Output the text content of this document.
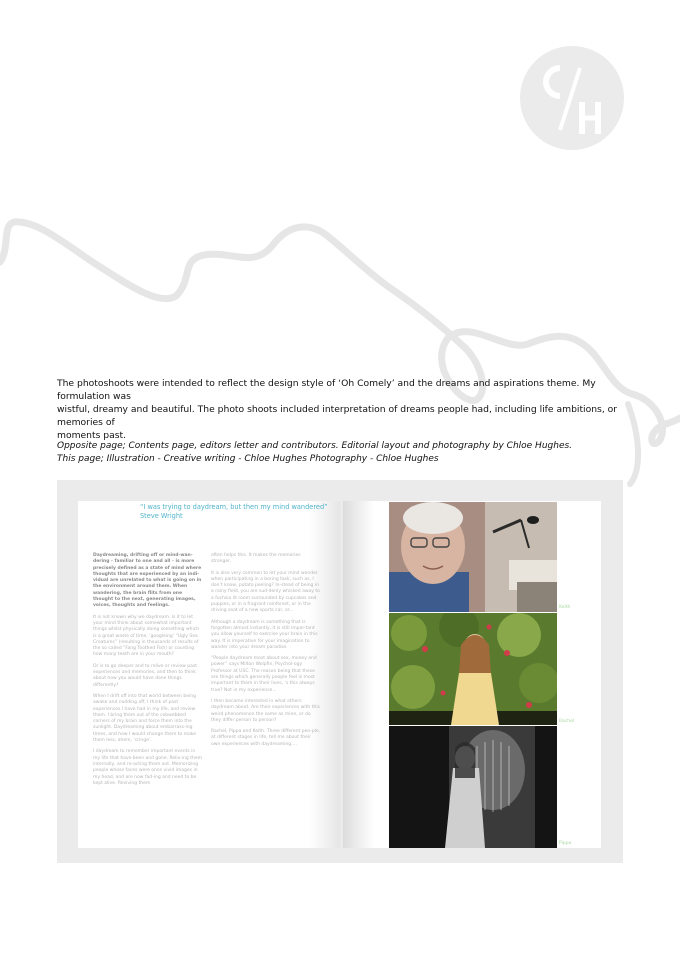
The photoshoots were intended to reflect the design style of ‘Oh Comely’ and the dreams and aspirations theme. My formulation was
wistful, dreamy and beautiful. The photo shoots included interpretation of dreams people had, including life ambitions, or memories of
moments past.
Opposite page; Contents page, editors letter and contributors. Editorial layout and photography by Chloe Hughes.
This page; Illustration - Creative writing - Chloe Hughes Photography - Chloe Hughes
“I was trying to daydream, but then my mind wandered”
Steve Wright

Daydreaming, drifting off or mind-wan-dering - familiar to one and all - is more precisely defined as a state of mind where thoughts that are experienced by an indi-vidual are unrelated to what is going on in the environment around them. When wandering, the brain flits from one thought to the next, generating images, voices, thoughts and feelings.

It is not known why we daydream. Is it to let your mind think about somewhat important things whilst physically doing something which is a great waste of time, ‘googleing’ “Ugly Sea Creatures” (resulting in thousands of results of the so called “Fang Toothed Fish) or counting how many teeth are in your mouth?

Or is to go deeper and to relive or review past experiences and memories, and then to think about how you would have done things differently?

When I drift off into that world between being awake and nodding off, I think of past experiences I have had in my life, and review them. I bring them out of the cobwebbed corners of my brain and force them into the sunlight. Daydreaming about embarrass-ing times, and how I would change them to make them less, ahem, ‘cringe’.

I daydream to remember important events in my life that have been and gone. Reliv-ing them internally, and re-acting them out. Memorizing people whose faces were once vivid images in my head, and are now fad-ing and need to be kept alive. Reviving them

often helps this. It makes the memories stronger.

It is also very common to let your mind wonder when participating in a boring task, such as, I don’t know, potato peeling? In-stead of being in a rainy field, you are sud-denly whisked away to a fuchsia lit room surrounded by cupcakes and puppies, or in a fragrant rainforest, or in the driving seat of a new sports car, or...

Although a daydream is something that is forgotten almost instantly, it is still impor-tant you allow yourself to exercise your brain in this way. It is imperative for your imagination to wander into your dream paradise.

“People daydream most about sex, money and power” says Milton Wolpfin, Psychol-ogy Professor at USC. The reason being that these are things which generally people feel is most important to them in their lives, ‘s this always true? Not in my experience...

I then became interested in what others daydream about. Are their experiences with this weird phenomenon the same as mine, or do they differ person to person?

Rachel, Pippa and Keith. Three different peo-ple, at different stages in life, tell me about their own experiences with daydreaming....

Keith
Rachel
Pippa
